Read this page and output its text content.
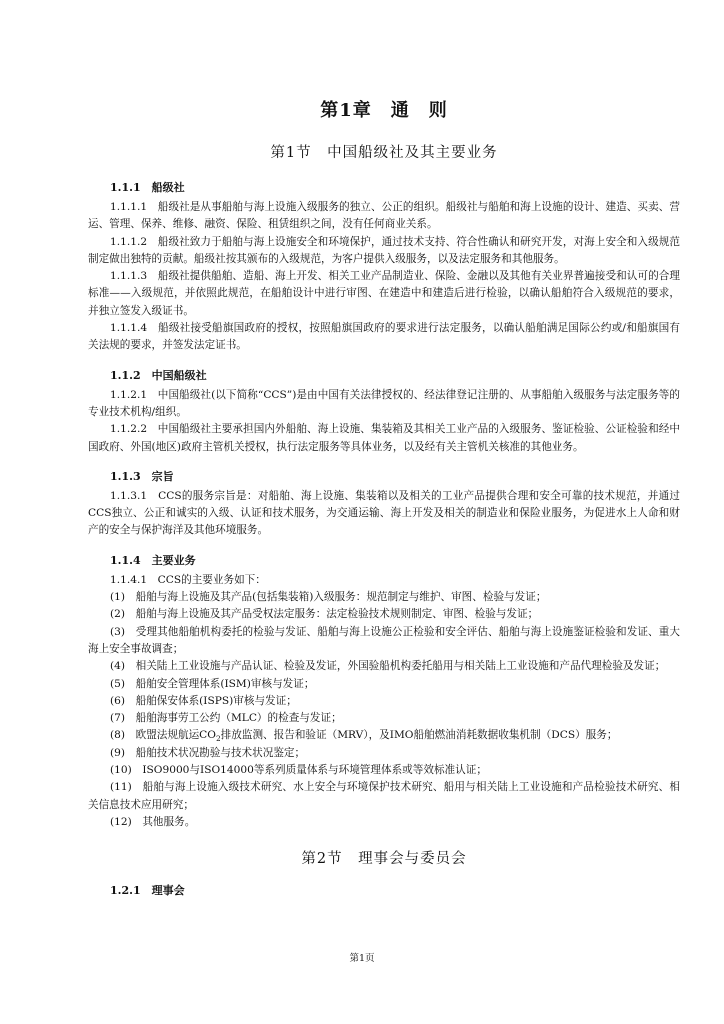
第1章　通　则
第1节　中国船级社及其主要业务
1.1.1　船级社

1.1.1.1　船级社是从事船舶与海上设施入级服务的独立、公正的组织。船级社与船舶和海上设施的设计、建造、买卖、营运、管理、保养、维修、融资、保险、租赁组织之间，没有任何商业关系。

1.1.1.2　船级社致力于船舶与海上设施安全和环境保护，通过技术支持、符合性确认和研究开发，对海上安全和入级规范制定做出独特的贡献。船级社按其颁布的入级规范，为客户提供入级服务，以及法定服务和其他服务。

1.1.1.3　船级社提供船舶、造船、海上开发、相关工业产品制造业、保险、金融以及其他有关业界普遍接受和认可的合理标准——入级规范，并依照此规范，在船舶设计中进行审图、在建造中和建造后进行检验，以确认船舶符合入级规范的要求，并独立签发入级证书。

1.1.1.4　船级社接受船旗国政府的授权，按照船旗国政府的要求进行法定服务，以确认船舶满足国际公约或/和船旗国有关法规的要求，并签发法定证书。

1.1.2　中国船级社

1.1.2.1　中国船级社(以下简称“CCS”)是由中国有关法律授权的、经法律登记注册的、从事船舶入级服务与法定服务等的专业技术机构/组织。

1.1.2.2　中国船级社主要承担国内外船舶、海上设施、集装箱及其相关工业产品的入级服务、鉴证检验、公证检验和经中国政府、外国(地区)政府主管机关授权，执行法定服务等具体业务，以及经有关主管机关核准的其他业务。

1.1.3　宗旨

1.1.3.1　CCS的服务宗旨是：对船舶、海上设施、集装箱以及相关的工业产品提供合理和安全可靠的技术规范，并通过CCS独立、公正和诚实的入级、认证和技术服务，为交通运输、海上开发及相关的制造业和保险业服务，为促进水上人命和财产的安全与保护海洋及其他环境服务。

1.1.4　主要业务

1.1.4.1　CCS的主要业务如下：

(1)　船舶与海上设施及其产品(包括集装箱)入级服务：规范制定与维护、审图、检验与发证；

(2)　船舶与海上设施及其产品受权法定服务：法定检验技术规则制定、审图、检验与发证；

(3)　受理其他船舶机构委托的检验与发证、船舶与海上设施公正检验和安全评估、船舶与海上设施鉴证检验和发证、重大海上安全事故调查；

(4)　相关陆上工业设施与产品认证、检验及发证，外国验船机构委托船用与相关陆上工业设施和产品代理检验及发证；

(5)　船舶安全管理体系(ISM)审核与发证；

(6)　船舶保安体系(ISPS)审核与发证；

(7)　船舶海事劳工公约（MLC）的检查与发证；

(8)　欧盟法规航运$CO_2$排放监测、报告和验证（MRV），及IMO船舶燃油消耗数据收集机制（DCS）服务；

(9)　船舶技术状况勘验与技术状况鉴定；

(10)　ISO9000与ISO14000等系列质量体系与环境管理体系或等效标准认证；

(11)　船舶与海上设施入级技术研究、水上安全与环境保护技术研究、船用与相关陆上工业设施和产品检验技术研究、相关信息技术应用研究；

(12)　其他服务。

第2节　理事会与委员会
1.2.1　理事会
第1页
